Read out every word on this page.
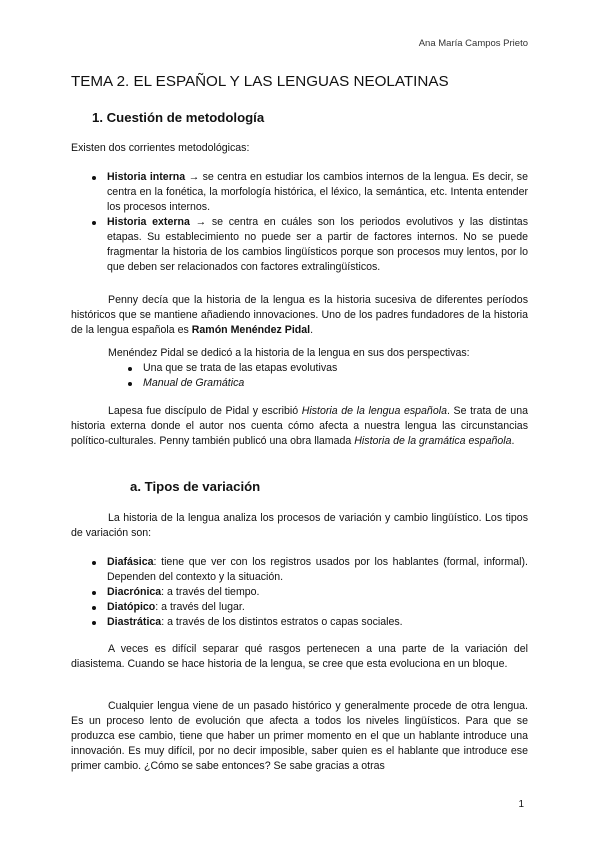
Ana María Campos Prieto
TEMA 2. EL ESPAÑOL Y LAS LENGUAS NEOLATINAS
1. Cuestión de metodología
Existen dos corrientes metodológicas:
Historia interna → se centra en estudiar los cambios internos de la lengua. Es decir, se centra en la fonética, la morfología histórica, el léxico, la semántica, etc. Intenta entender los procesos internos.
Historia externa → se centra en cuáles son los periodos evolutivos y las distintas etapas. Su establecimiento no puede ser a partir de factores internos. No se puede fragmentar la historia de los cambios lingüísticos porque son procesos muy lentos, por lo que deben ser relacionados con factores extralingüísticos.
Penny decía que la historia de la lengua es la historia sucesiva de diferentes períodos históricos que se mantiene añadiendo innovaciones. Uno de los padres fundadores de la historia de la lengua española es Ramón Menéndez Pidal.
Menéndez Pidal se dedicó a la historia de la lengua en sus dos perspectivas:
Una que se trata de las etapas evolutivas
Manual de Gramática
Lapesa fue discípulo de Pidal y escribió Historia de la lengua española. Se trata de una historia externa donde el autor nos cuenta cómo afecta a nuestra lengua las circunstancias político-culturales. Penny también publicó una obra llamada Historia de la gramática española.
a. Tipos de variación
La historia de la lengua analiza los procesos de variación y cambio lingüístico. Los tipos de variación son:
Diafásica: tiene que ver con los registros usados por los hablantes (formal, informal). Dependen del contexto y la situación.
Diacrónica: a través del tiempo.
Diatópico: a través del lugar.
Diastrática: a través de los distintos estratos o capas sociales.
A veces es difícil separar qué rasgos pertenecen a una parte de la variación del diasistema. Cuando se hace historia de la lengua, se cree que esta evoluciona en un bloque.
Cualquier lengua viene de un pasado histórico y generalmente procede de otra lengua. Es un proceso lento de evolución que afecta a todos los niveles lingüísticos. Para que se produzca ese cambio, tiene que haber un primer momento en el que un hablante introduce una innovación. Es muy difícil, por no decir imposible, saber quien es el hablante que introduce ese primer cambio. ¿Cómo se sabe entonces? Se sabe gracias a otras
1
